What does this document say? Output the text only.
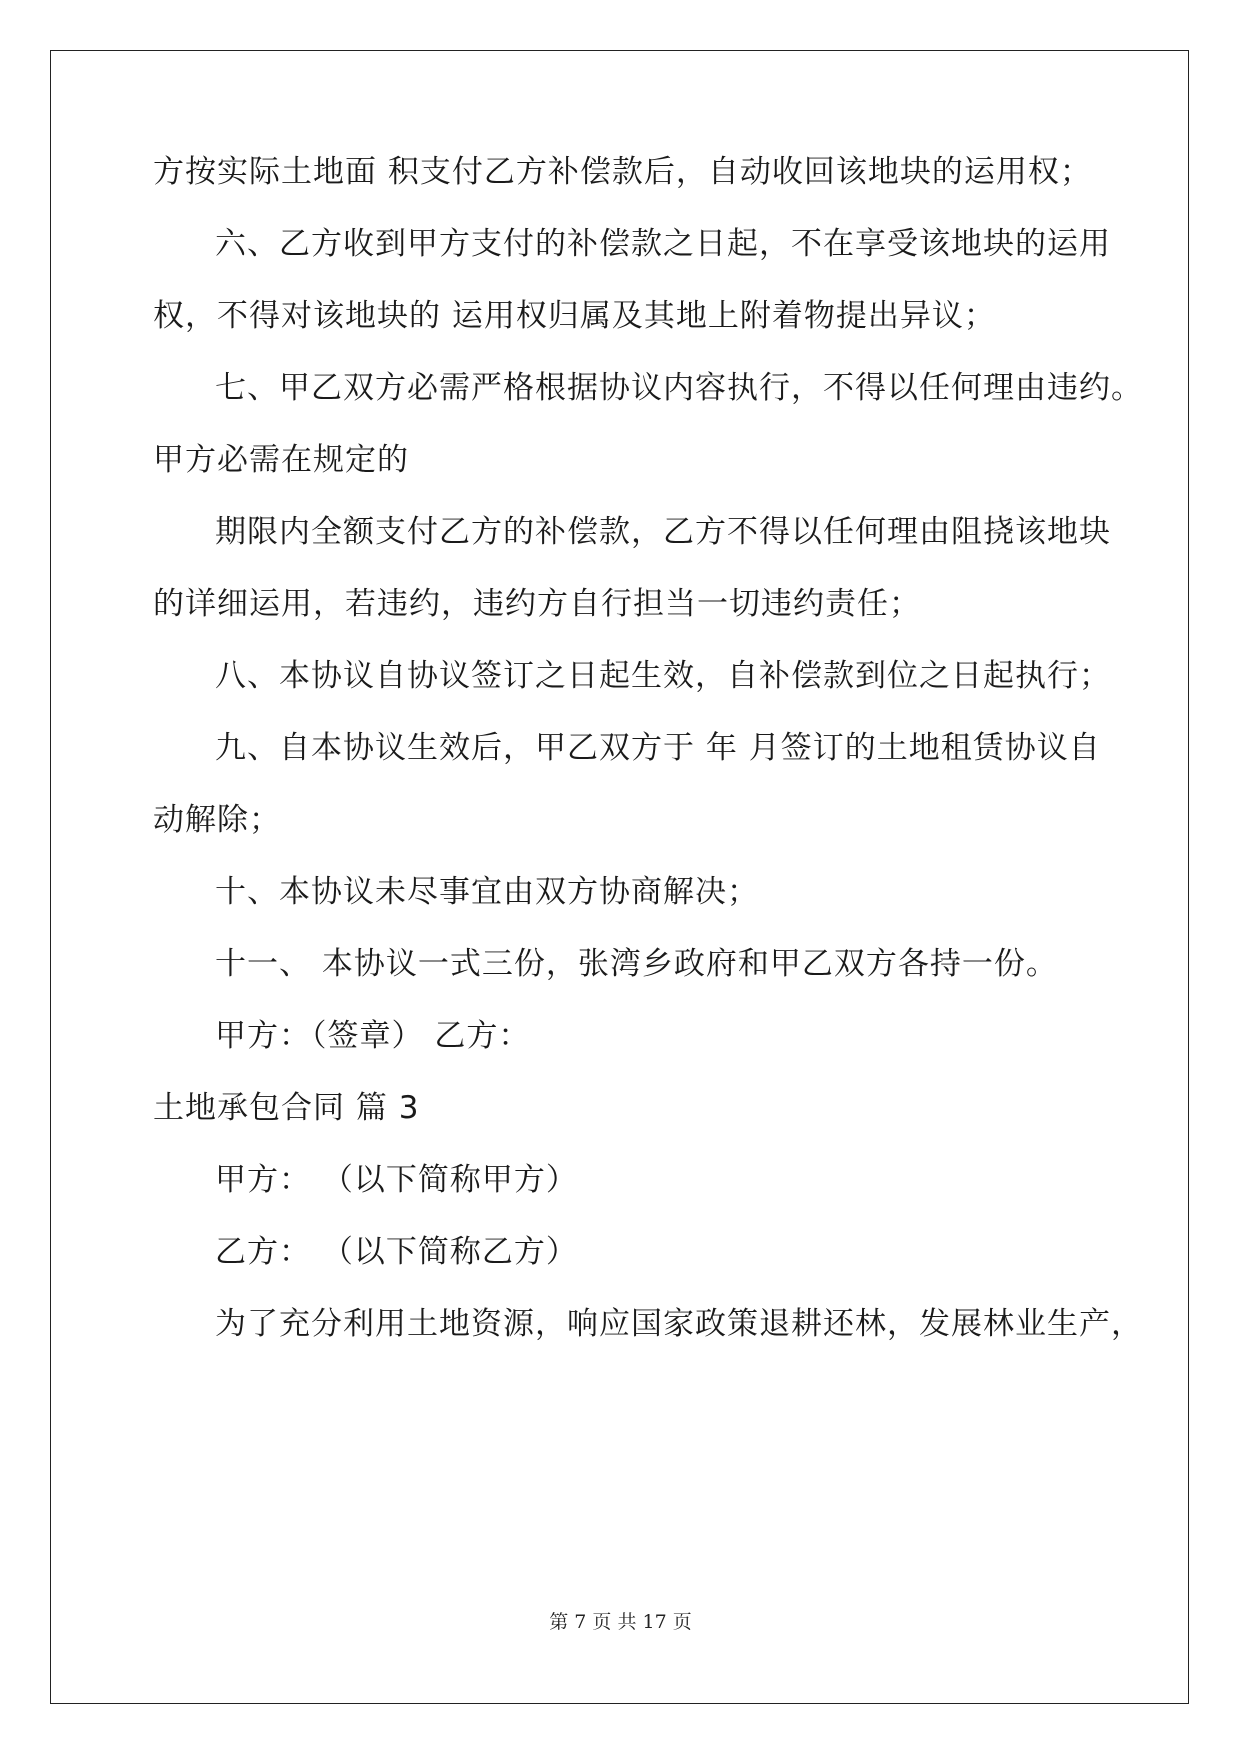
方按实际土地面 积支付乙方补偿款后，自动收回该地块的运用权；
六、乙方收到甲方支付的补偿款之日起，不在享受该地块的运用
权，不得对该地块的 运用权归属及其地上附着物提出异议；
七、甲乙双方必需严格根据协议内容执行，不得以任何理由违约。
甲方必需在规定的
期限内全额支付乙方的补偿款，乙方不得以任何理由阻挠该地块
的详细运用，若违约，违约方自行担当一切违约责任；
八、本协议自协议签订之日起生效，自补偿款到位之日起执行；
九、自本协议生效后，甲乙双方于 年 月签订的土地租赁协议自
动解除；
十、本协议未尽事宜由双方协商解决；
十一、 本协议一式三份，张湾乡政府和甲乙双方各持一份。
甲方：（签章） 乙方：
土地承包合同 篇 3
甲方： （以下简称甲方）
乙方： （以下简称乙方）
为了充分利用土地资源，响应国家政策退耕还林，发展林业生产，
第 7 页 共 17 页
